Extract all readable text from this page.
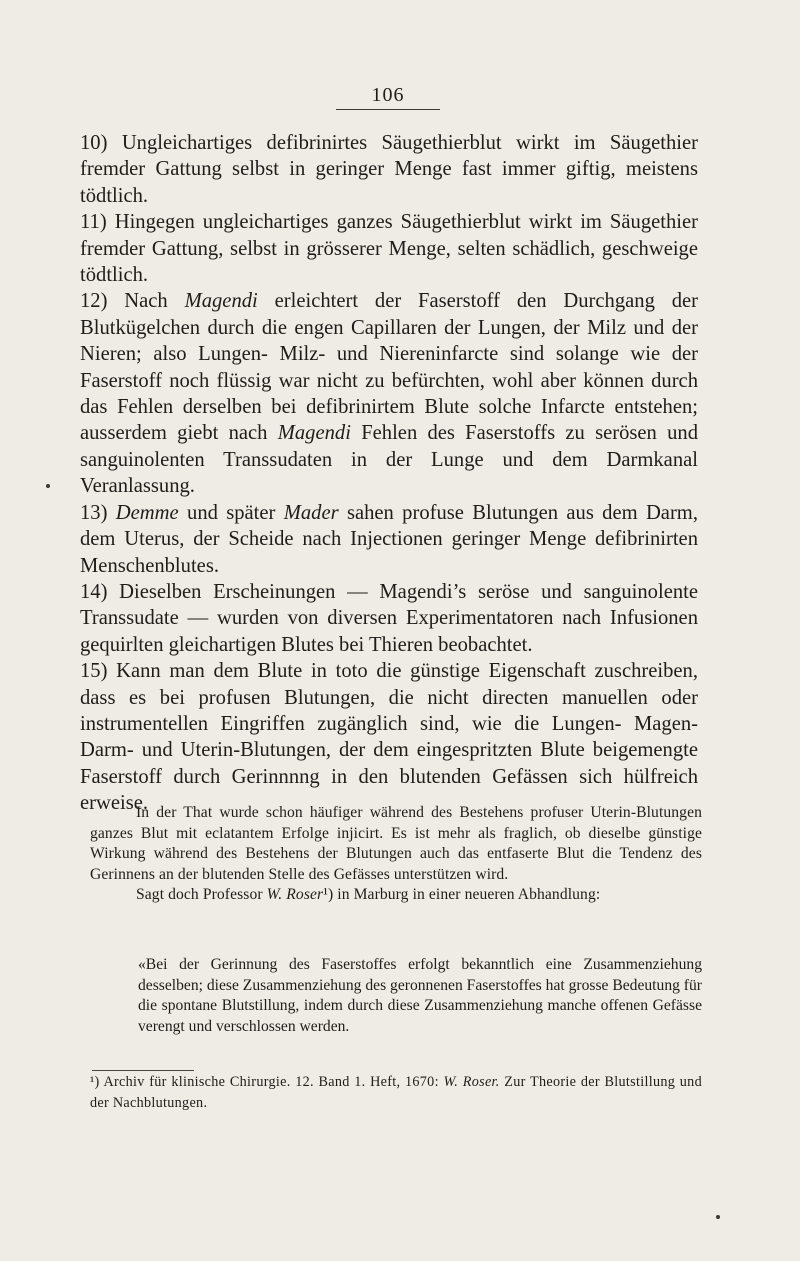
106

10) Ungleichartiges defibrinirtes Säugethierblut wirkt im Säugethier fremder Gattung selbst in geringer Menge fast immer giftig, meistens tödtlich.

11) Hingegen ungleichartiges ganzes Säugethierblut wirkt im Säugethier fremder Gattung, selbst in grösserer Menge, selten schädlich, geschweige tödtlich.

12) Nach Magendi erleichtert der Faserstoff den Durchgang der Blutkügelchen durch die engen Capillaren der Lungen, der Milz und der Nieren; also Lungen- Milz- und Niereninfarcte sind solange wie der Faserstoff noch flüssig war nicht zu befürchten, wohl aber können durch das Fehlen derselben bei defibrinirtem Blute solche Infarcte entstehen; ausserdem giebt nach Magendi Fehlen des Faserstoffs zu serösen und sanguinolenten Transsudaten in der Lunge und dem Darmkanal Veranlassung.

13) Demme und später Mader sahen profuse Blutungen aus dem Darm, dem Uterus, der Scheide nach Injectionen geringer Menge defibrinirten Menschenblutes.

14) Dieselben Erscheinungen — Magendi’s seröse und sanguinolente Transsudate — wurden von diversen Experimentatoren nach Infusionen gequirlten gleichartigen Blutes bei Thieren beobachtet.

15) Kann man dem Blute in toto die günstige Eigenschaft zuschreiben, dass es bei profusen Blutungen, die nicht directen manuellen oder instrumentellen Eingriffen zugänglich sind, wie die Lungen- Magen- Darm- und Uterin-Blutungen, der dem eingespritzten Blute beigemengte Faserstoff durch Gerinnnng in den blutenden Gefässen sich hülfreich erweise.

In der That wurde schon häufiger während des Bestehens profuser Uterin-Blutungen ganzes Blut mit eclatantem Erfolge injicirt. Es ist mehr als fraglich, ob dieselbe günstige Wirkung während des Bestehens der Blutungen auch das entfaserte Blut die Tendenz des Gerinnens an der blutenden Stelle des Gefässes unterstützen wird.

Sagt doch Professor W. Roser¹) in Marburg in einer neueren Abhandlung:

«Bei der Gerinnung des Faserstoffes erfolgt bekanntlich eine Zusammenziehung desselben; diese Zusammenziehung des geronnenen Faserstoffes hat grosse Bedeutung für die spontane Blutstillung, indem durch diese Zusammenziehung manche offenen Gefässe verengt und verschlossen werden.

¹) Archiv für klinische Chirurgie. 12. Band 1. Heft, 1670: W. Roser. Zur Theorie der Blutstillung und der Nachblutungen.
